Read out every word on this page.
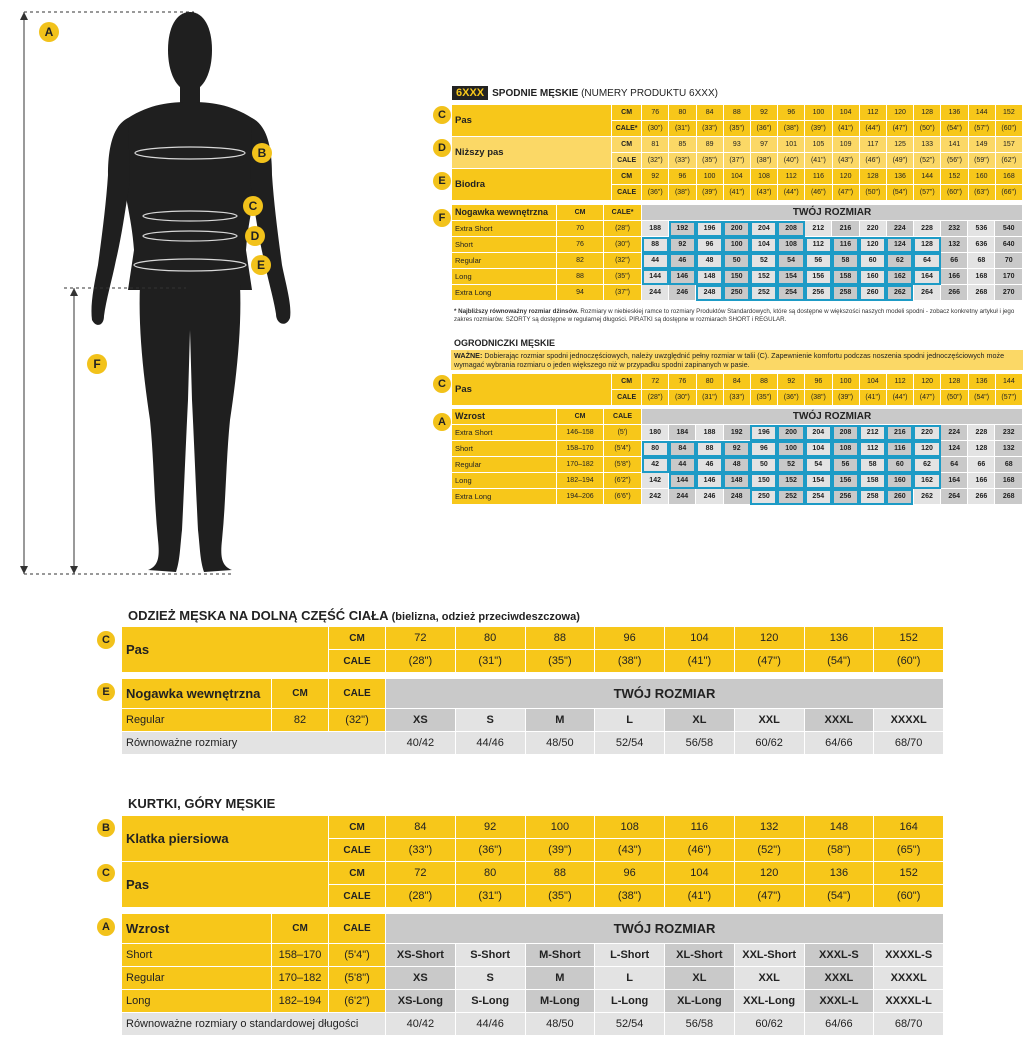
A
B
C
D
E
F
6XXX SPODNIE MĘSKIE (NUMERY PRODUKTU 6XXX)
C
D
E
F
Pas	CM	76	80	84	88	92	96	100	104	112	120	128	136	144	152
	CALE*	(30")	(31")	(33")	(35")	(36")	(38")	(39")	(41")	(44")	(47")	(50")	(54")	(57")	(60")
Niższy pas	CM	81	85	89	93	97	101	105	109	117	125	133	141	149	157
	CALE	(32")	(33")	(35")	(37")	(38")	(40")	(41")	(43")	(46")	(49")	(52")	(56")	(59")	(62")
Biodra	CM	92	96	100	104	108	112	116	120	128	136	144	152	160	168
	CALE	(36")	(38")	(39")	(41")	(43")	(44")	(46")	(47")	(50")	(54")	(57")	(60")	(63")	(66")
Nogawka wewnętrzna	CM	CALE*	TWÓJ ROZMIAR													
Extra Short	70	(28")	188	192	196	200	204	208	212	216	220	224	228	232	536	540
Short	76	(30")	88	92	96	100	104	108	112	116	120	124	128	132	636	640
Regular	82	(32")	44	46	48	50	52	54	56	58	60	62	64	66	68	70
Long	88	(35")	144	146	148	150	152	154	156	158	160	162	164	166	168	170
Extra Long	94	(37")	244	246	248	250	252	254	256	258	260	262	264	266	268	270
* Najbliższy równoważny rozmiar dżinsów. Rozmiary w niebieskiej ramce to rozmiary Produktów Standardowych, które są dostępne w większości naszych modeli spodni - zobacz konkretny artykuł i jego zakres rozmiarów. SZORTY są dostępne w regularnej długości. PIRATKI są dostępne w rozmiarach SHORT i REGULAR.
OGRODNICZKI MĘSKIE
WAŻNE: Dobierając rozmiar spodni jednoczęściowych, należy uwzględnić pełny rozmiar w talii (C). Zapewnienie komfortu podczas noszenia spodni jednoczęściowych może wymagać wybrania rozmiaru o jeden większego niż w przypadku spodni zapinanych w pasie.
C
A
Pas	CM	72	76	80	84	88	92	96	100	104	112	120	128	136	144
	CALE	(28")	(30")	(31")	(33")	(35")	(36")	(38")	(39")	(41")	(44")	(47")	(50")	(54")	(57")
Wzrost	CM	CALE	TWÓJ ROZMIAR													
Extra Short	146–158	(5')	180	184	188	192	196	200	204	208	212	216	220	224	228	232
Short	158–170	(5'4")	80	84	88	92	96	100	104	108	112	116	120	124	128	132
Regular	170–182	(5'8")	42	44	46	48	50	52	54	56	58	60	62	64	66	68
Long	182–194	(6'2")	142	144	146	148	150	152	154	156	158	160	162	164	166	168
Extra Long	194–206	(6'6")	242	244	246	248	250	252	254	256	258	260	262	264	266	268
ODZIEŻ MĘSKA NA DOLNĄ CZĘŚĆ CIAŁA (bielizna, odzież przeciwdeszczowa)
C
E
Pas		CM	72	80	88	96	104	120	136	152
		CALE	(28")	(31")	(35")	(38")	(41")	(47")	(54")	(60")

Nogawka wewnętrzna	CM	CALE	TWÓJ ROZMIAR							
Regular	82	(32")	XS	S	M	L	XL	XXL	XXXL	XXXXL
Równoważne rozmiary			40/42	44/46	48/50	52/54	56/58	60/62	64/66	68/70
KURTKI, GÓRY MĘSKIE
B
C
A
Klatka piersiowa		CM	84	92	100	108	116	132	148	164
		CALE	(33")	(36")	(39")	(43")	(46")	(52")	(58")	(65")
Pas		CM	72	80	88	96	104	120	136	152
		CALE	(28")	(31")	(35")	(38")	(41")	(47")	(54")	(60")

Wzrost	CM	CALE	TWÓJ ROZMIAR							
Short	158–170	(5'4")	XS-Short	S-Short	M-Short	L-Short	XL-Short	XXL-Short	XXXL-S	XXXXL-S
Regular	170–182	(5'8")	XS	S	M	L	XL	XXL	XXXL	XXXXL
Long	182–194	(6'2")	XS-Long	S-Long	M-Long	L-Long	XL-Long	XXL-Long	XXXL-L	XXXXL-L
Równoważne rozmiary o standardowej długości			40/42	44/46	48/50	52/54	56/58	60/62	64/66	68/70
